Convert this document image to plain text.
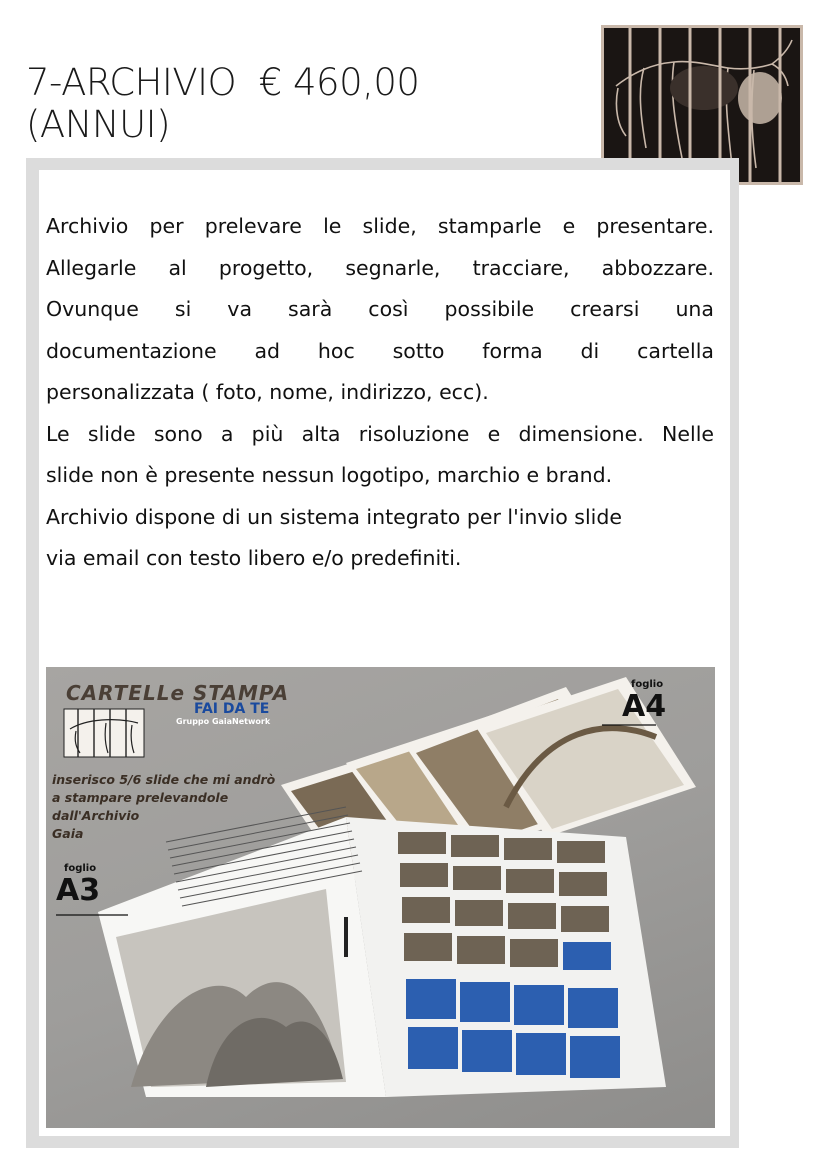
7-ARCHIVIO  € 460,00
(ANNUI)

Archivio per prelevare le slide, stamparle e presentare.

Allegarle al progetto, segnarle, tracciare, abbozzare.

Ovunque si va sarà così possibile crearsi una

documentazione ad hoc sotto forma di cartella

personalizzata ( foto, nome, indirizzo, ecc).

Le slide sono a più alta risoluzione e dimensione. Nelle

slide non è presente nessun logotipo, marchio e brand.

Archivio dispone di un sistema integrato per l'invio slide

via email con testo libero e/o predefiniti.

CARTELLe STAMPA
FAI DA TE
Gruppo GaiaNetwork
inserisco 5/6 slide che mi andrò
a stampare prelevandole
dall'Archivio
Gaia
foglio
A4
foglio
A3
